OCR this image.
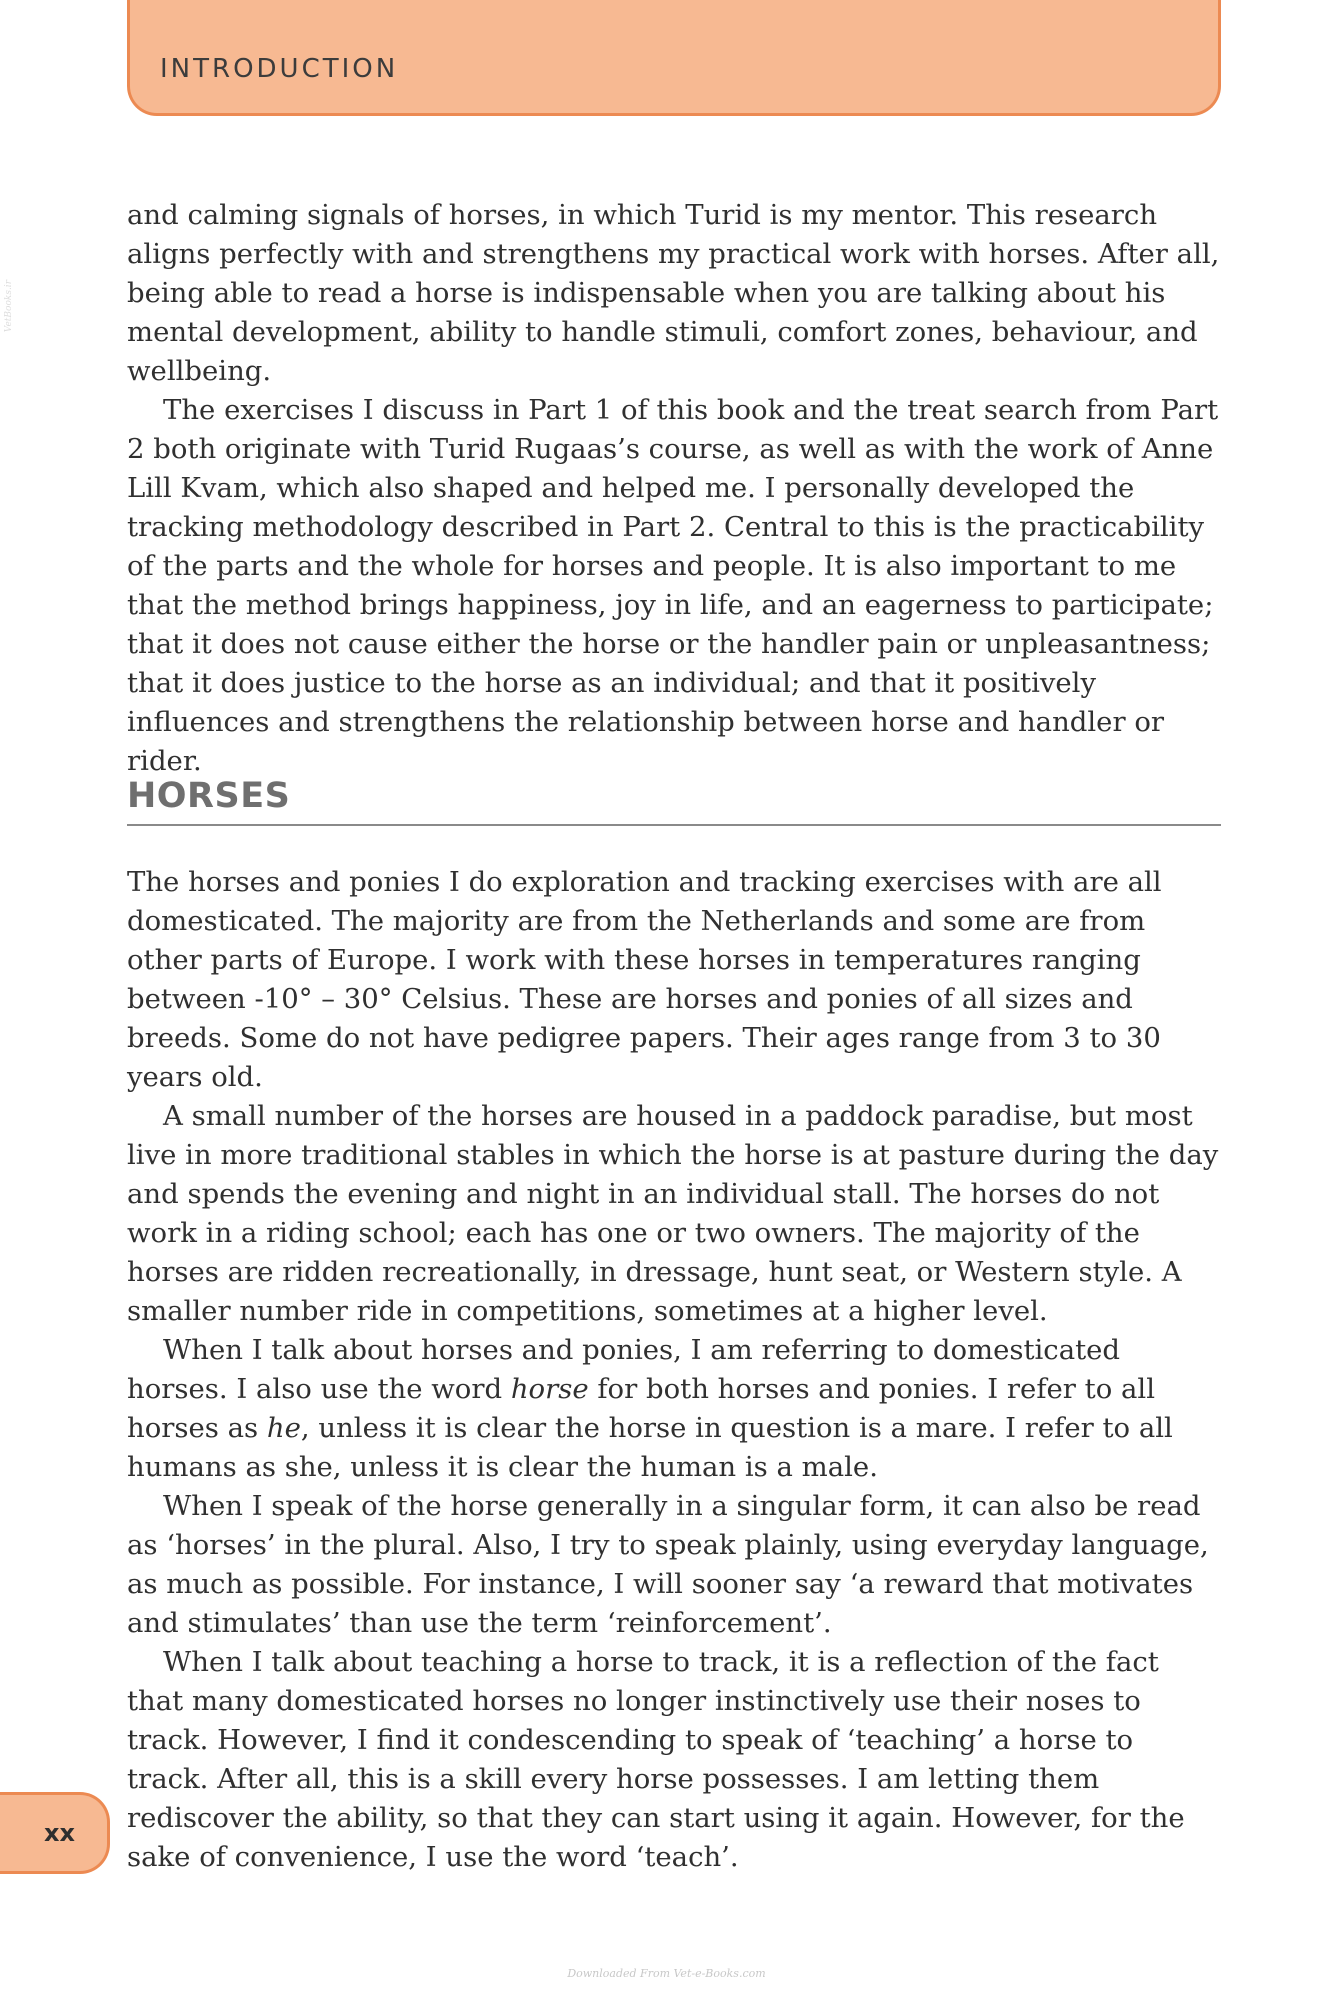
INTRODUCTION
VetBooks.ir

and calming signals of horses, in which Turid is my mentor. This research aligns perfectly with and strengthens my practical work with horses. After all, being able to read a horse is indispensable when you are talking about his mental development, ability to handle stimuli, comfort zones, behaviour, and wellbeing.

The exercises I discuss in Part 1 of this book and the treat search from Part 2 both originate with Turid Rugaas’s course, as well as with the work of Anne Lill Kvam, which also shaped and helped me. I personally developed the tracking methodology described in Part 2. Central to this is the practicability of the parts and the whole for horses and people. It is also important to me that the method brings happiness, joy in life, and an eagerness to participate; that it does not cause either the horse or the handler pain or unpleasantness; that it does justice to the horse as an individual; and that it positively influences and strengthens the relationship between horse and handler or rider.

HORSES

The horses and ponies I do exploration and tracking exercises with are all domesticated. The majority are from the Netherlands and some are from other parts of Europe. I work with these horses in temperatures ranging between -10° – 30° Celsius. These are horses and ponies of all sizes and breeds. Some do not have pedigree papers. Their ages range from 3 to 30 years old.

A small number of the horses are housed in a paddock paradise, but most live in more traditional stables in which the horse is at pasture during the day and spends the evening and night in an individual stall. The horses do not work in a riding school; each has one or two owners. The majority of the horses are ridden recreationally, in dressage, hunt seat, or Western style. A smaller number ride in competitions, sometimes at a higher level.

When I talk about horses and ponies, I am referring to domesticated horses. I also use the word horse for both horses and ponies. I refer to all horses as he, unless it is clear the horse in question is a mare. I refer to all humans as she, unless it is clear the human is a male.

When I speak of the horse generally in a singular form, it can also be read as ‘horses’ in the plural. Also, I try to speak plainly, using everyday language, as much as possible. For instance, I will sooner say ‘a reward that motivates and stimulates’ than use the term ‘reinforcement’.

When I talk about teaching a horse to track, it is a reflection of the fact that many domesticated horses no longer instinctively use their noses to track. However, I find it condescending to speak of ‘teaching’ a horse to track. After all, this is a skill every horse possesses. I am letting them rediscover the ability, so that they can start using it again. However, for the sake of convenience, I use the word ‘teach’.

xx
Downloaded From Vet-e-Books.com
